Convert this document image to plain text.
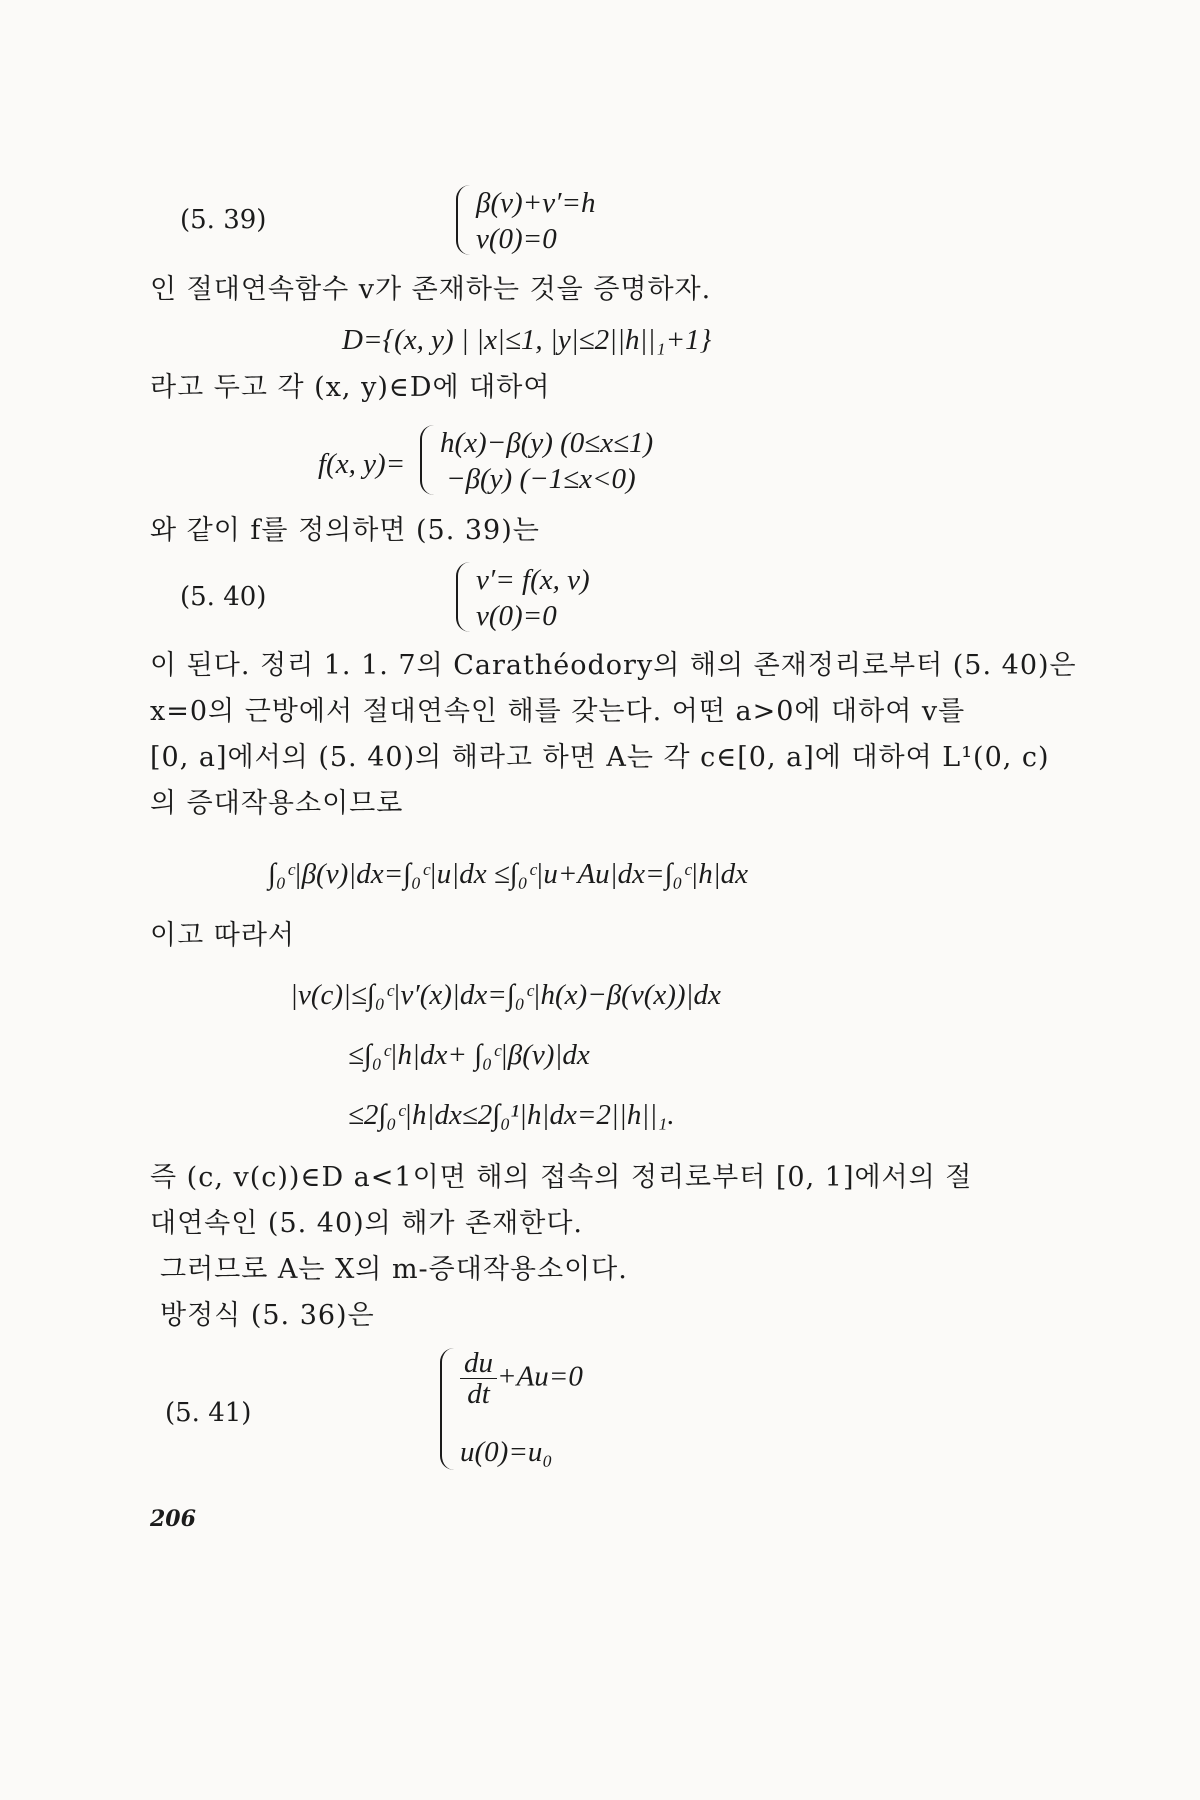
(5. 39)
β(v)+v′=h
v(0)=0
인 절대연속함수 v가 존재하는 것을 증명하자.
D={(x, y) | |x|≤1, |y|≤2||h||₁+1}
라고 두고 각 (x, y)∈D에 대하여
f(x, y)=
h(x)−β(y) (0≤x≤1)
−β(y) (−1≤x<0)
와 같이 f를 정의하면 (5. 39)는
(5. 40)
v′= f(x, v)
v(0)=0
이 된다. 정리 1. 1. 7의 Carathéodory의 해의 존재정리로부터 (5. 40)은
x=0의 근방에서 절대연속인 해를 갖는다. 어떤 a>0에 대하여 v를
[0, a]에서의 (5. 40)의 해라고 하면 A는 각 c∈[0, a]에 대하여 L¹(0, c)
의 증대작용소이므로
∫₀ᶜ|β(v)|dx=∫₀ᶜ|u|dx ≤∫₀ᶜ|u+Au|dx=∫₀ᶜ|h|dx
이고 따라서
|v(c)|≤∫₀ᶜ|v′(x)|dx=∫₀ᶜ|h(x)−β(v(x))|dx
≤∫₀ᶜ|h|dx+ ∫₀ᶜ|β(v)|dx
≤2∫₀ᶜ|h|dx≤2∫₀¹|h|dx=2||h||₁.
즉 (c, v(c))∈D a<1이면 해의 접속의 정리로부터 [0, 1]에서의 절
대연속인 (5. 40)의 해가 존재한다.
그러므로 A는 X의 m-증대작용소이다.
방정식 (5. 36)은
(5. 41)
$\frac{du}{dt} +Au=0$
u(0)=u₀
206
